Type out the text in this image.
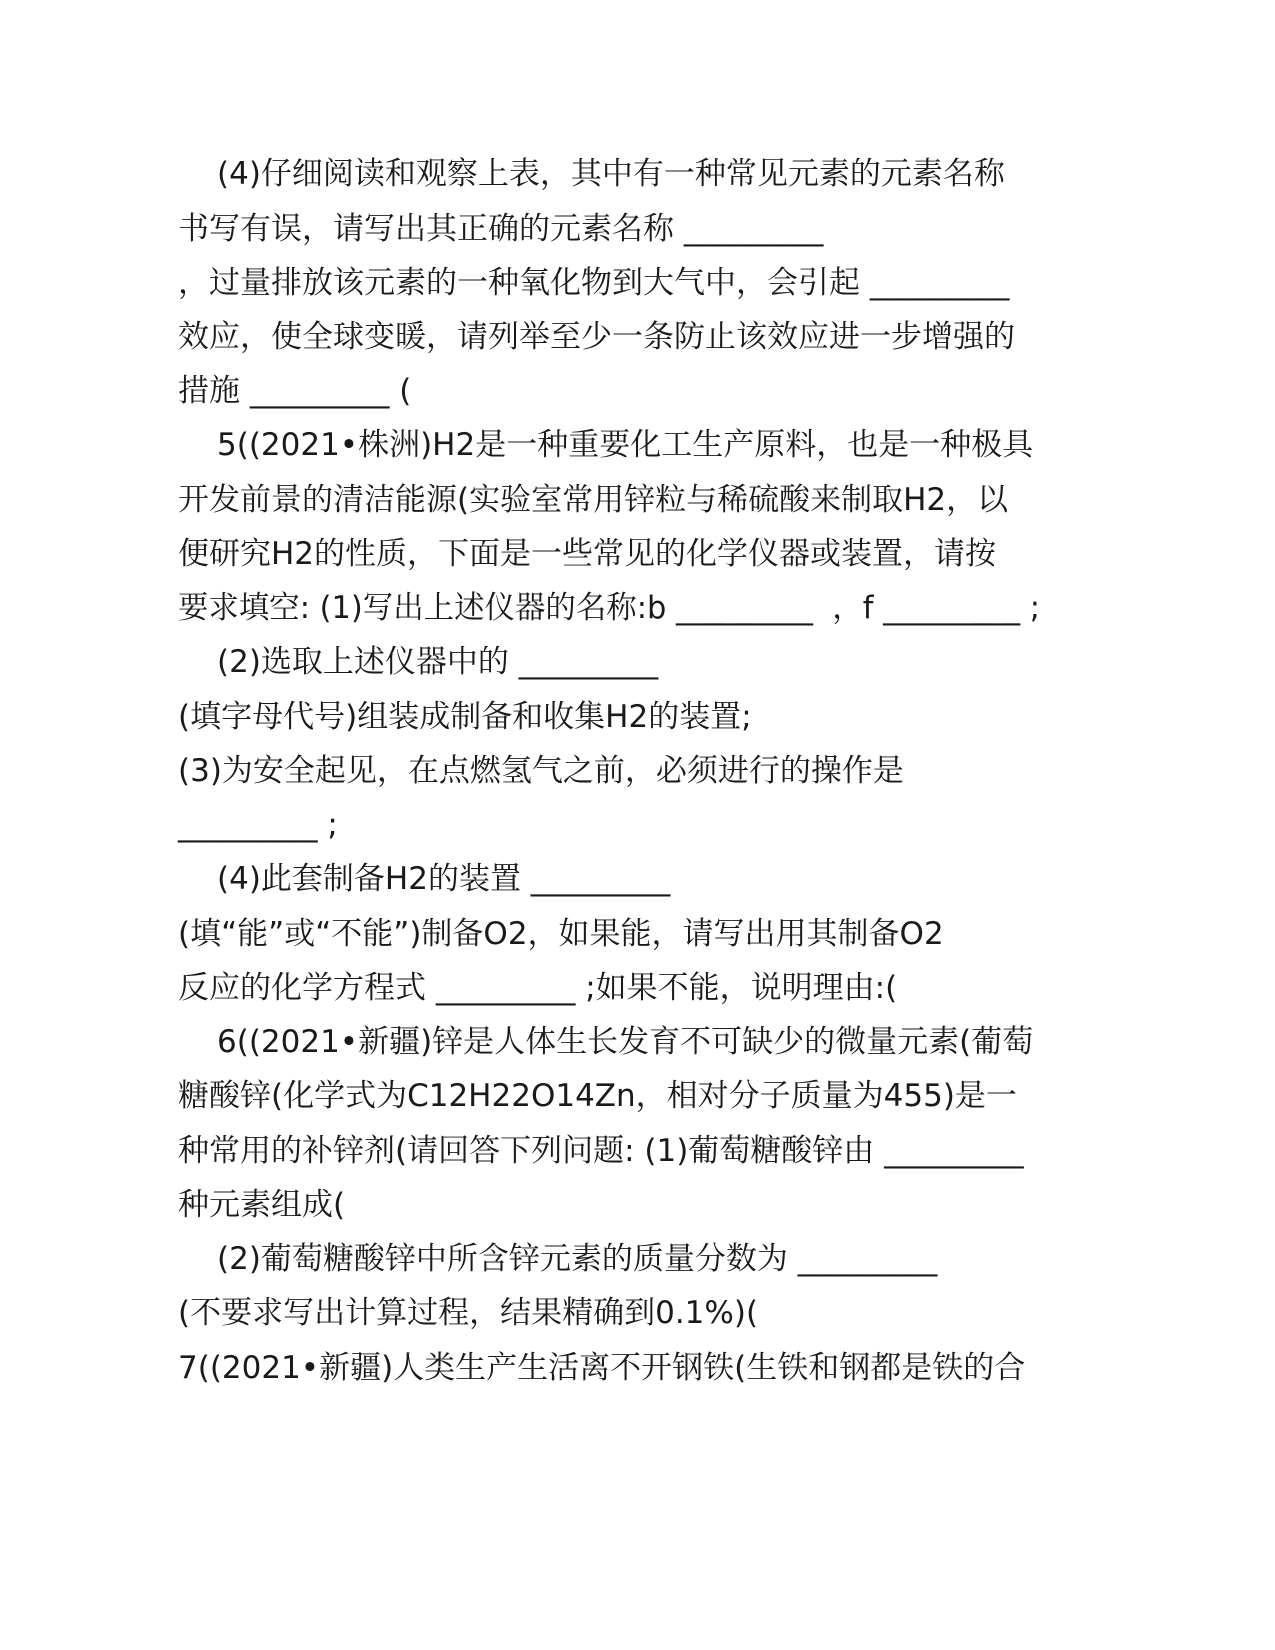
(4)仔细阅读和观察上表，其中有一种常见元素的元素名称
书写有误，请写出其正确的元素名称 _________
，过量排放该元素的一种氧化物到大气中，会引起 _________
效应，使全球变暖，请列举至少一条防止该效应进一步增强的
措施 _________ (
5((2021•株洲)H2是一种重要化工生产原料，也是一种极具
开发前景的清洁能源(实验室常用锌粒与稀硫酸来制取H2，以
便研究H2的性质，下面是一些常见的化学仪器或装置，请按
要求填空: (1)写出上述仪器的名称:b _________  ，f _________ ;
(2)选取上述仪器中的 _________
(填字母代号)组装成制备和收集H2的装置;
(3)为安全起见，在点燃氢气之前，必须进行的操作是
_________ ;
(4)此套制备H2的装置 _________
(填“能”或“不能”)制备O2，如果能，请写出用其制备O2
反应的化学方程式 _________ ;如果不能，说明理由:(
6((2021•新疆)锌是人体生长发育不可缺少的微量元素(葡萄
糖酸锌(化学式为C12H22O14Zn，相对分子质量为455)是一
种常用的补锌剂(请回答下列问题: (1)葡萄糖酸锌由 _________
种元素组成(
(2)葡萄糖酸锌中所含锌元素的质量分数为 _________
(不要求写出计算过程，结果精确到0.1%)(
7((2021•新疆)人类生产生活离不开钢铁(生铁和钢都是铁的合
